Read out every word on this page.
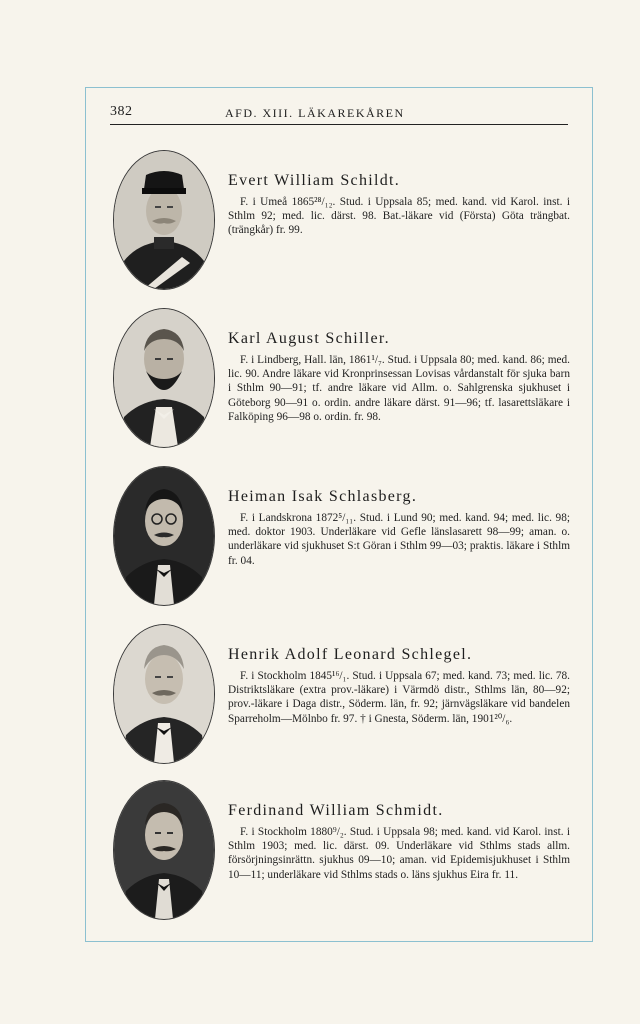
382	AFD. XIII. LÄKAREKÅREN
Evert William Schildt.
F. i Umeå 1865²⁸/₁₂. Stud. i Uppsala 85; med. kand. vid Karol. inst. i Sthlm 92; med. lic. därst. 98. Bat.-läkare vid (Första) Göta trängbat. (trängkår) fr. 99.
Karl August Schiller.
F. i Lindberg, Hall. län, 1861¹/₇. Stud. i Uppsala 80; med. kand. 86; med. lic. 90. Andre läkare vid Kronprinsessan Lovisas vårdanstalt för sjuka barn i Sthlm 90—91; tf. andre läkare vid Allm. o. Sahlgrenska sjukhuset i Göteborg 90—91 o. ordin. andre läkare därst. 91—96; tf. lasarettsläkare i Falköping 96—98 o. ordin. fr. 98.
Heiman Isak Schlasberg.
F. i Landskrona 1872⁵/₁₁. Stud. i Lund 90; med. kand. 94; med. lic. 98; med. doktor 1903. Underläkare vid Gefle länslasarett 98—99; aman. o. underläkare vid sjukhuset S:t Göran i Sthlm 99—03; praktis. läkare i Sthlm fr. 04.
Henrik Adolf Leonard Schlegel.
F. i Stockholm 1845¹⁶/₁. Stud. i Uppsala 67; med. kand. 73; med. lic. 78. Distriktsläkare (extra prov.-läkare) i Värmdö distr., Sthlms län, 80—92; prov.-läkare i Daga distr., Söderm. län, fr. 92; järnvägsläkare vid bandelen Sparreholm—Mölnbo fr. 97. † i Gnesta, Söderm. län, 1901²⁰/₆.
Ferdinand William Schmidt.
F. i Stockholm 1880⁹/₂. Stud. i Uppsala 98; med. kand. vid Karol. inst. i Sthlm 1903; med. lic. därst. 09. Underläkare vid Sthlms stads allm. försörjningsinrättn. sjukhus 09—10; aman. vid Epidemisjukhuset i Sthlm 10—11; underläkare vid Sthlms stads o. läns sjukhus Eira fr. 11.
